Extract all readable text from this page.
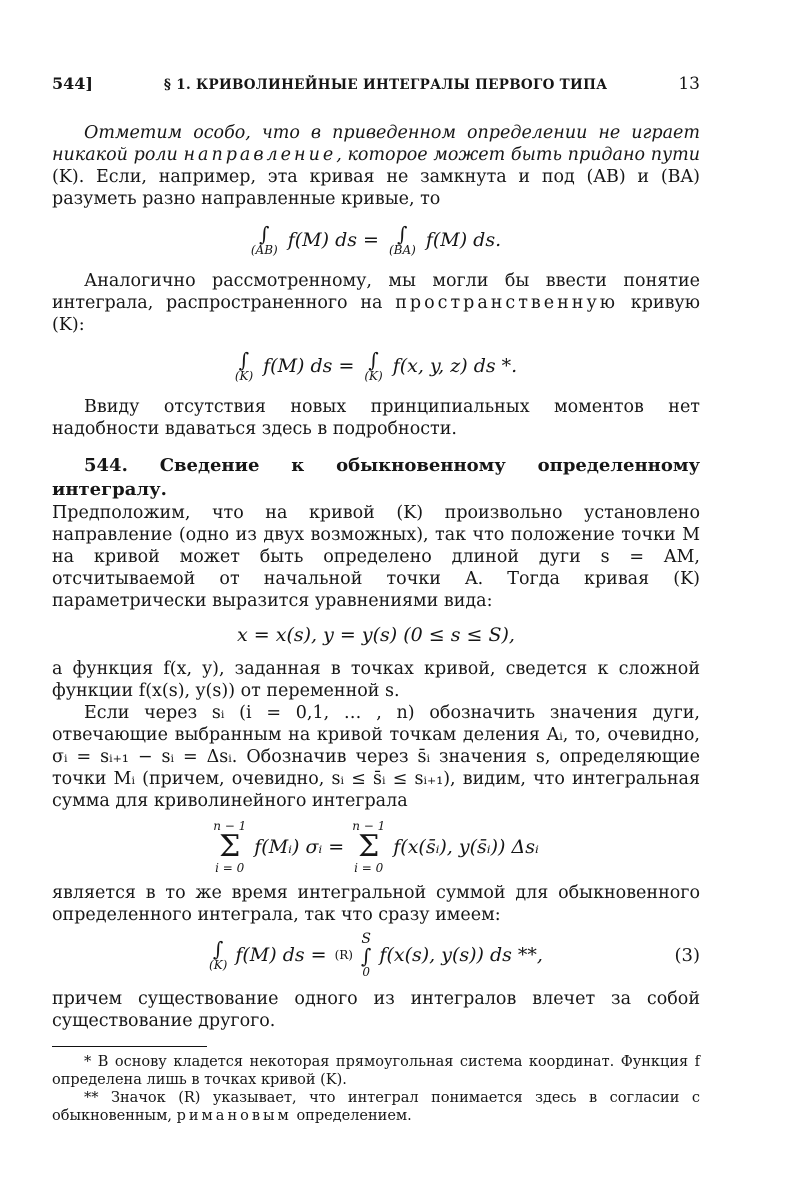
544]	§ 1. КРИВОЛИНЕЙНЫЕ ИНТЕГРАЛЫ ПЕРВОГО ТИПА	13

Отметим особо, что в приведенном определении не играет никакой роли направление, которое может быть придано пути (K). Если, например, эта кривая не замкнута и под (AB) и (BA) разуметь разно направленные кривые, то

∫
(AB) f(M) ds = ∫
(BA) f(M) ds.

Аналогично рассмотренному, мы могли бы ввести понятие интеграла, распространенного на пространственную кривую (K):

∫
(K) f(M) ds = ∫
(K) f(x, y, z) ds *.

Ввиду отсутствия новых принципиальных моментов нет надобности вдаваться здесь в подробности.

544. Сведение к обыкновенному определенному интегралу.

Предположим, что на кривой (K) произвольно установлено направление (одно из двух возможных), так что положение точки M на кривой может быть определено длиной дуги s = AM, отсчитываемой от начальной точки A. Тогда кривая (K) параметрически выразится уравнениями вида:

x = x(s), y = y(s) (0 ≤ s ≤ S),

а функция f(x, y), заданная в точках кривой, сведется к сложной функции f(x(s), y(s)) от переменной s.

Если через sᵢ (i = 0,1, … , n) обозначить значения дуги, отвечающие выбранным на кривой точкам деления Aᵢ, то, очевидно, σᵢ = sᵢ₊₁ − sᵢ = Δsᵢ. Обозначив через s̄ᵢ значения s, определяющие точки Mᵢ (причем, очевидно, sᵢ ≤ s̄ᵢ ≤ sᵢ₊₁), видим, что интегральная сумма для криволинейного интеграла

n − 1
Σ
i = 0
f(Mᵢ) σᵢ =
n − 1
Σ
i = 0
f(x(s̄ᵢ), y(s̄ᵢ)) Δsᵢ

является в то же время интегральной суммой для обыкновенного определенного интеграла, так что сразу имеем:

∫
(K) f(M) ds = (R)
S
∫
0
f(x(s), y(s)) ds **,	(3)

причем существование одного из интегралов влечет за собой существование другого.

* В основу кладется некоторая прямоугольная система координат. Функция f определена лишь в точках кривой (K).

** Значок (R) указывает, что интеграл понимается здесь в согласии с обыкновенным, римановым определением.
